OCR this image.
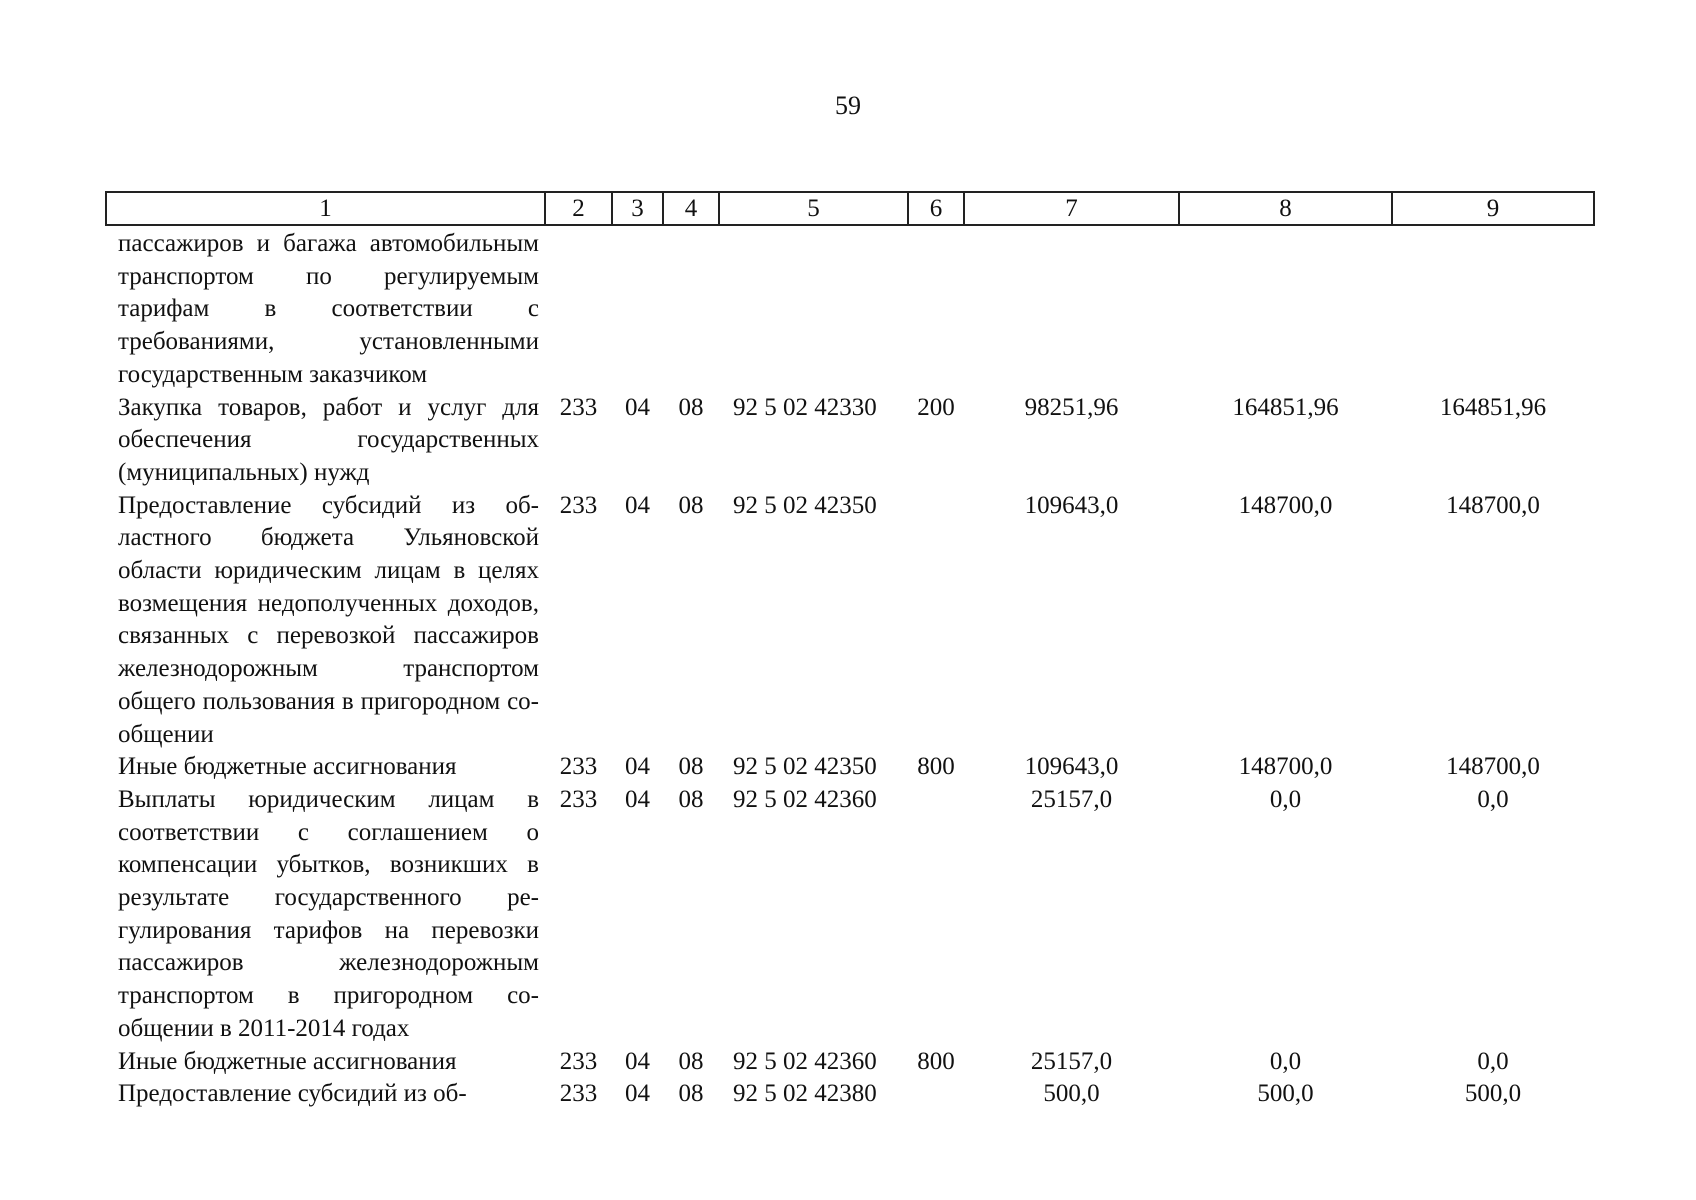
59
1	2	3	4	5	6	7	8	9
пассажиров и багажа автомобильным транспортом по регулируемым тарифам в соответствии с требованиями, установленными государственным заказчиком								
Закупка товаров, работ и услуг для обеспечения государственных (муниципальных) нужд	233	04	08	92 5 02 42330	200	98251,96	164851,96	164851,96
Предоставление субсидий из областного бюджета Ульяновской области юридическим лицам в целях возмещения недополученных доходов, связанных с перевозкой пассажиров железнодорожным транспортом общего пользования в пригородном сообщении	233	04	08	92 5 02 42350		109643,0	148700,0	148700,0
Иные бюджетные ассигнования	233	04	08	92 5 02 42350	800	109643,0	148700,0	148700,0
Выплаты юридическим лицам в соответствии с соглашением о компенсации убытков, возникших в результате государственного регулирования тарифов на перевозки пассажиров железнодорожным транспортом в пригородном сообщении в 2011-2014 годах	233	04	08	92 5 02 42360		25157,0	0,0	0,0
Иные бюджетные ассигнования	233	04	08	92 5 02 42360	800	25157,0	0,0	0,0
Предоставление субсидий из об-	233	04	08	92 5 02 42380		500,0	500,0	500,0
